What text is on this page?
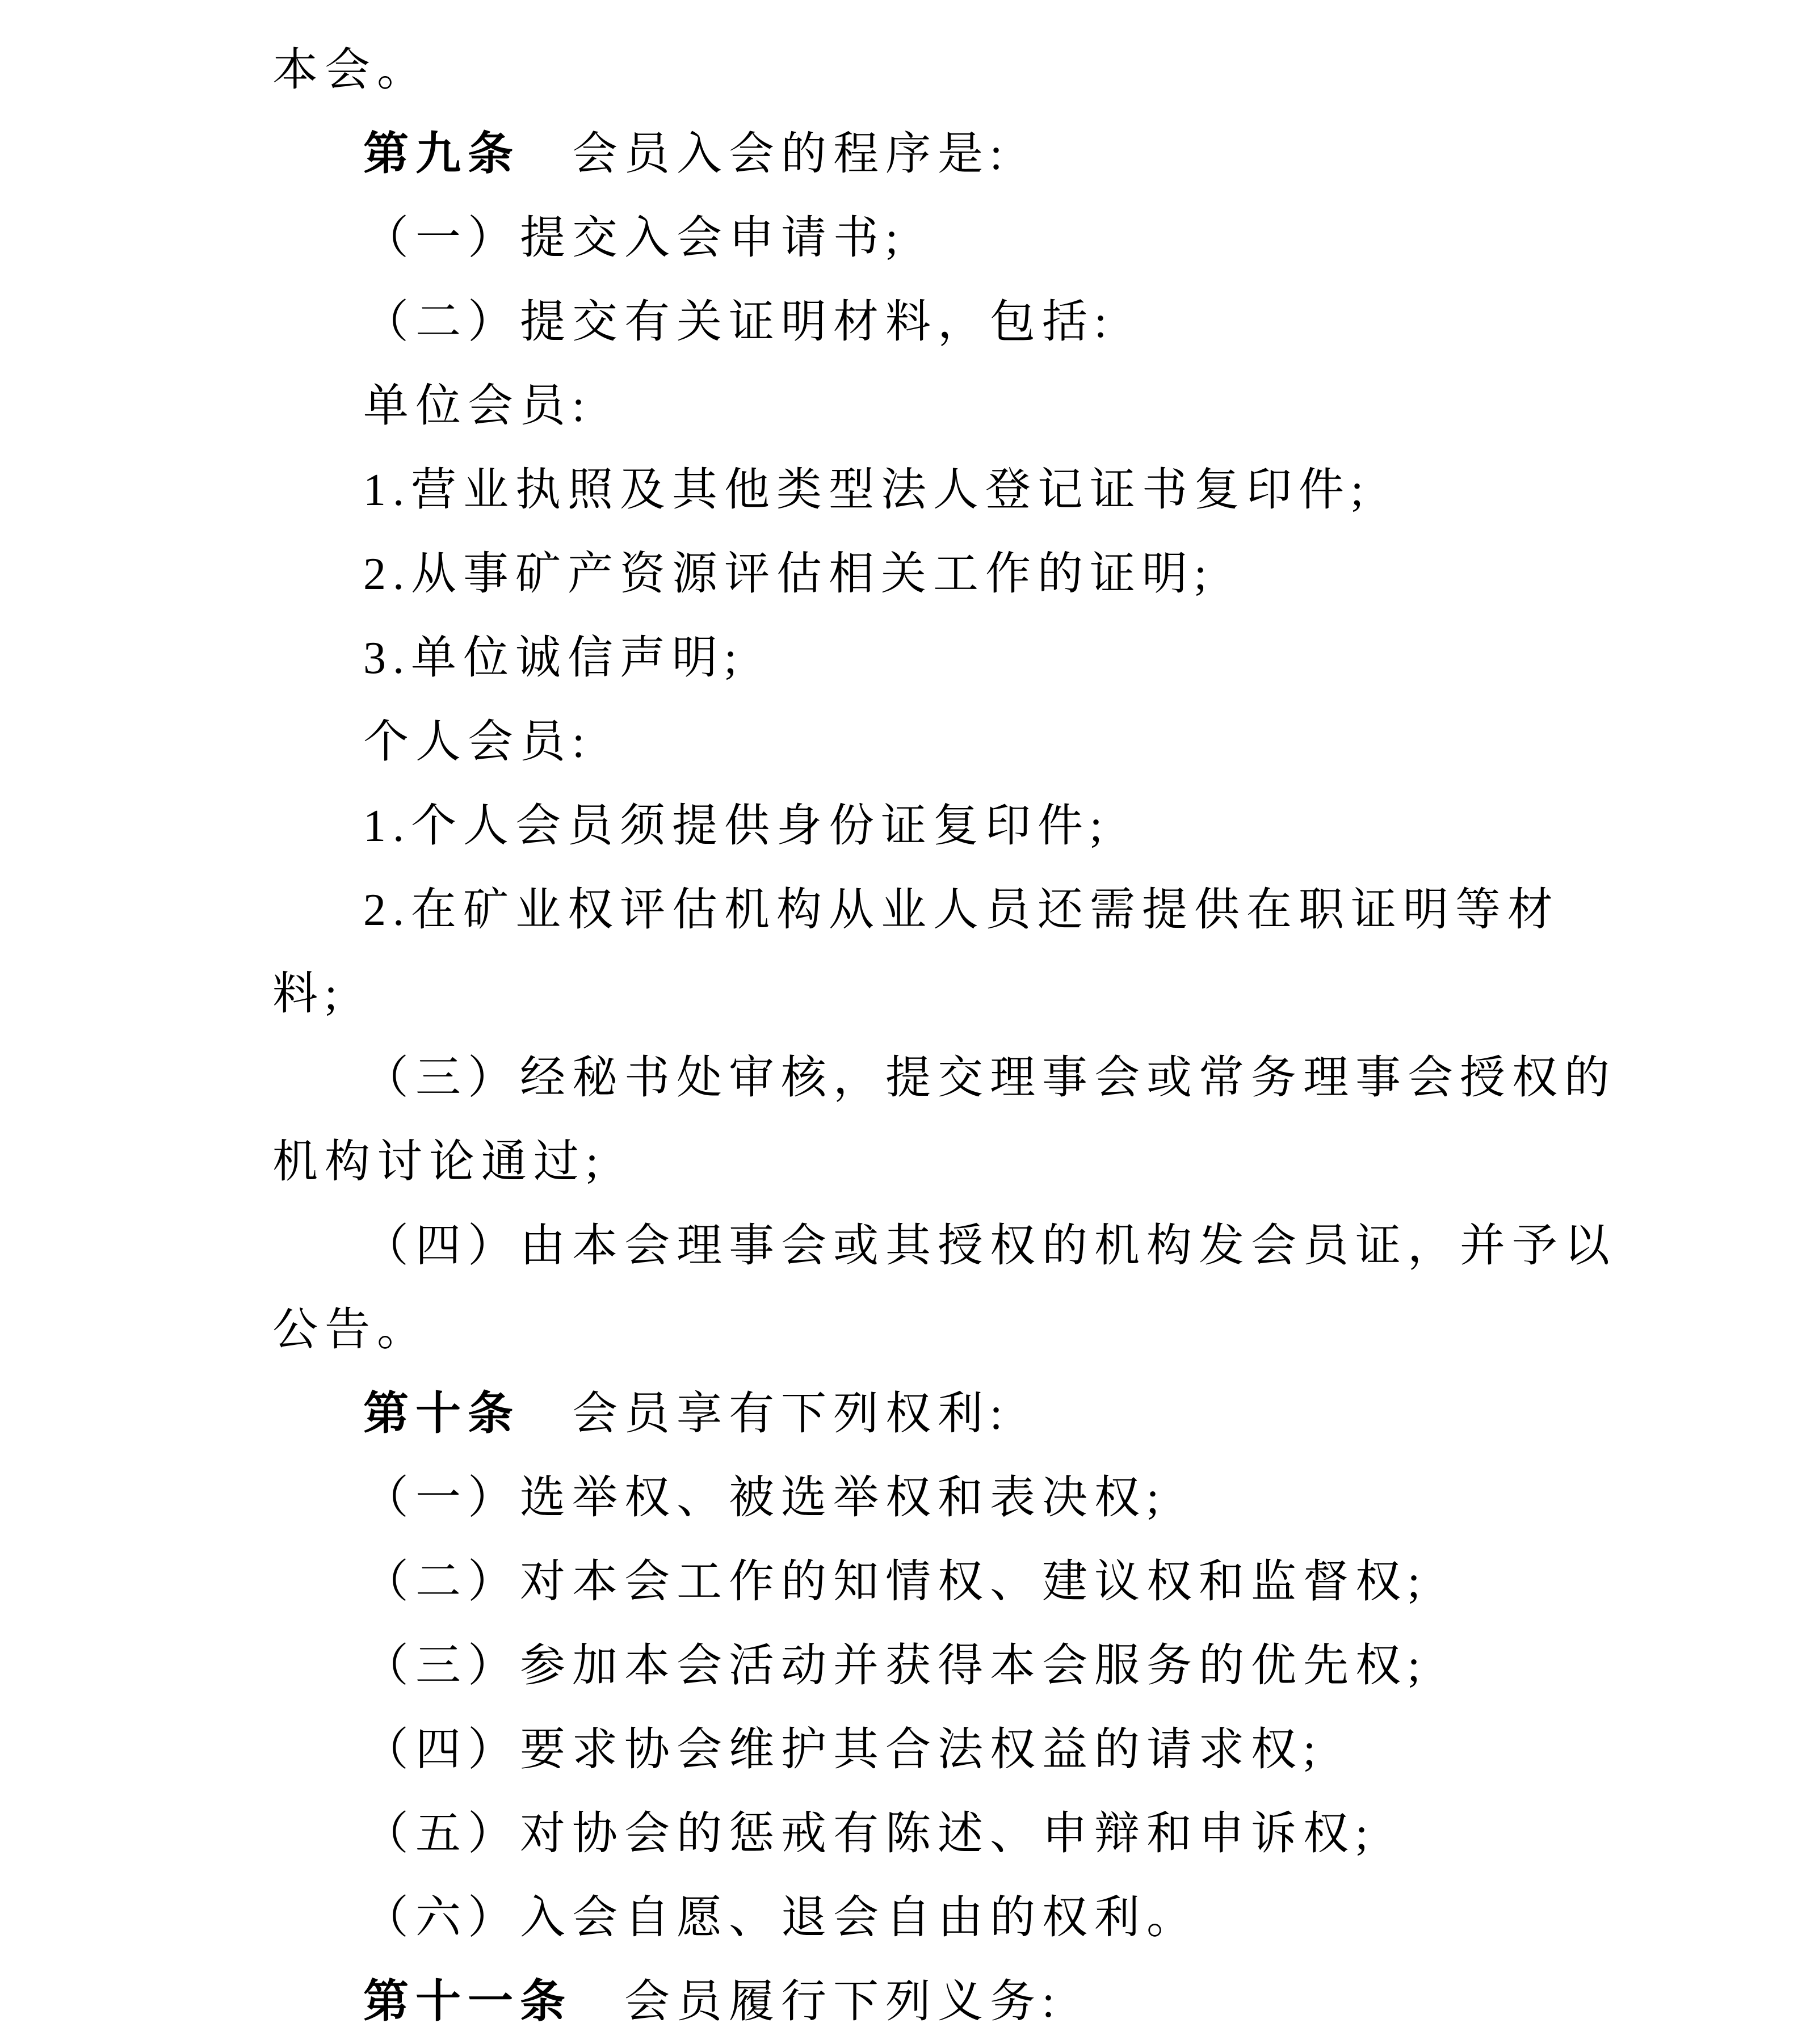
本会。
第九条　会员入会的程序是:
（一）提交入会申请书;
（二）提交有关证明材料，包括:
单位会员:
1.营业执照及其他类型法人登记证书复印件;
2.从事矿产资源评估相关工作的证明;
3.单位诚信声明;
个人会员:
1.个人会员须提供身份证复印件;
2.在矿业权评估机构从业人员还需提供在职证明等材
料;
（三）经秘书处审核，提交理事会或常务理事会授权的
机构讨论通过;
（四）由本会理事会或其授权的机构发会员证，并予以
公告。
第十条　会员享有下列权利:
（一）选举权、被选举权和表决权;
（二）对本会工作的知情权、建议权和监督权;
（三）参加本会活动并获得本会服务的优先权;
（四）要求协会维护其合法权益的请求权;
（五）对协会的惩戒有陈述、申辩和申诉权;
（六）入会自愿、退会自由的权利。
第十一条　会员履行下列义务:
